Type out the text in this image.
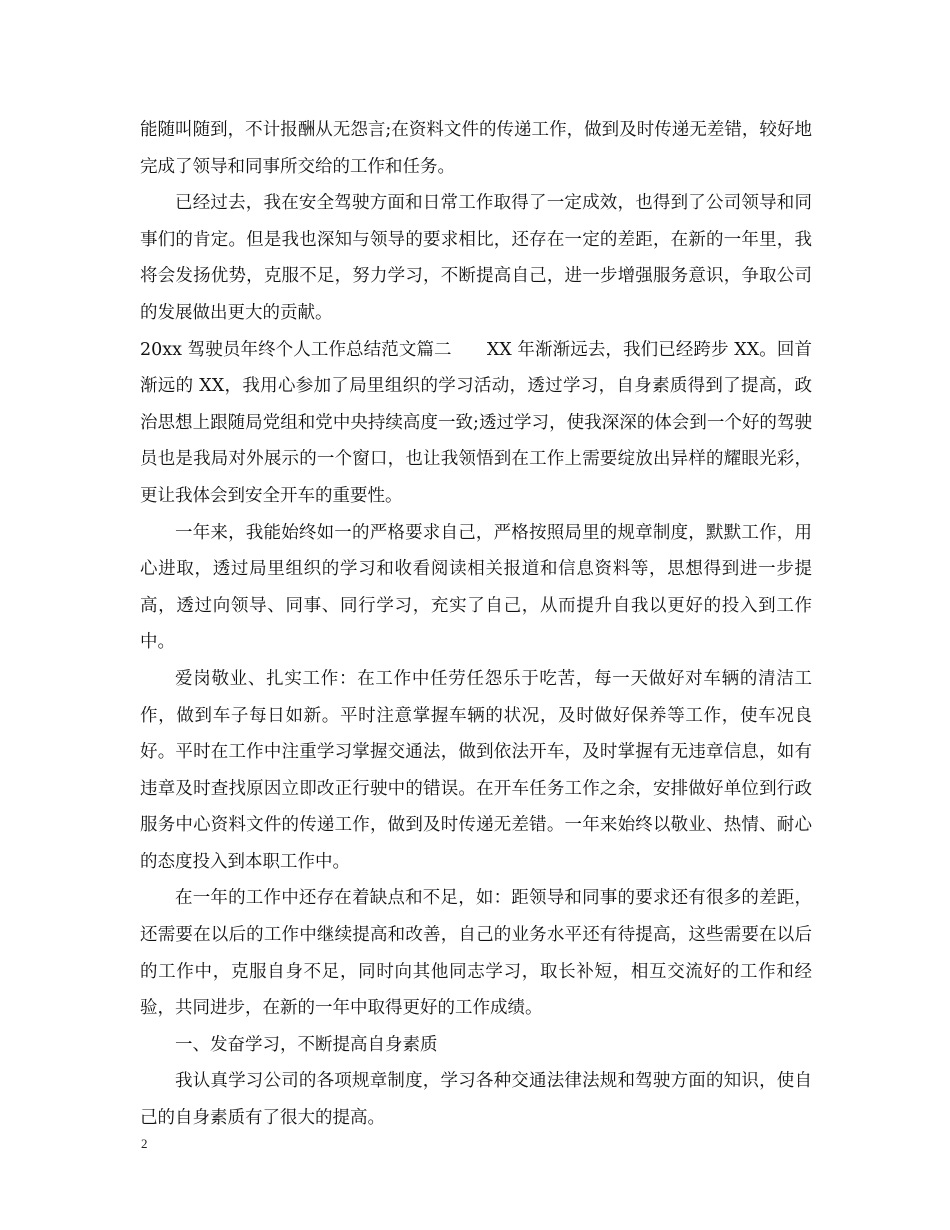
能随叫随到，不计报酬从无怨言;在资料文件的传递工作，做到及时传递无差错，较好地完成了领导和同事所交给的工作和任务。

已经过去，我在安全驾驶方面和日常工作取得了一定成效，也得到了公司领导和同事们的肯定。但是我也深知与领导的要求相比，还存在一定的差距，在新的一年里，我将会发扬优势，克服不足，努力学习，不断提高自己，进一步增强服务意识，争取公司的发展做出更大的贡献。

20xx 驾驶员年终个人工作总结范文篇二　　XX 年渐渐远去，我们已经跨步 XX。回首渐远的 XX，我用心参加了局里组织的学习活动，透过学习，自身素质得到了提高，政治思想上跟随局党组和党中央持续高度一致;透过学习，使我深深的体会到一个好的驾驶员也是我局对外展示的一个窗口，也让我领悟到在工作上需要绽放出异样的耀眼光彩，更让我体会到安全开车的重要性。

一年来，我能始终如一的严格要求自己，严格按照局里的规章制度，默默工作，用心进取，透过局里组织的学习和收看阅读相关报道和信息资料等，思想得到进一步提高，透过向领导、同事、同行学习，充实了自己，从而提升自我以更好的投入到工作中。

爱岗敬业、扎实工作：在工作中任劳任怨乐于吃苦，每一天做好对车辆的清洁工作，做到车子每日如新。平时注意掌握车辆的状况，及时做好保养等工作，使车况良好。平时在工作中注重学习掌握交通法，做到依法开车，及时掌握有无违章信息，如有违章及时查找原因立即改正行驶中的错误。在开车任务工作之余，安排做好单位到行政服务中心资料文件的传递工作，做到及时传递无差错。一年来始终以敬业、热情、耐心的态度投入到本职工作中。

在一年的工作中还存在着缺点和不足，如：距领导和同事的要求还有很多的差距，还需要在以后的工作中继续提高和改善，自己的业务水平还有待提高，这些需要在以后的工作中，克服自身不足，同时向其他同志学习，取长补短，相互交流好的工作和经验，共同进步，在新的一年中取得更好的工作成绩。

一、发奋学习，不断提高自身素质

我认真学习公司的各项规章制度，学习各种交通法律法规和驾驶方面的知识，使自己的自身素质有了很大的提高。

2
